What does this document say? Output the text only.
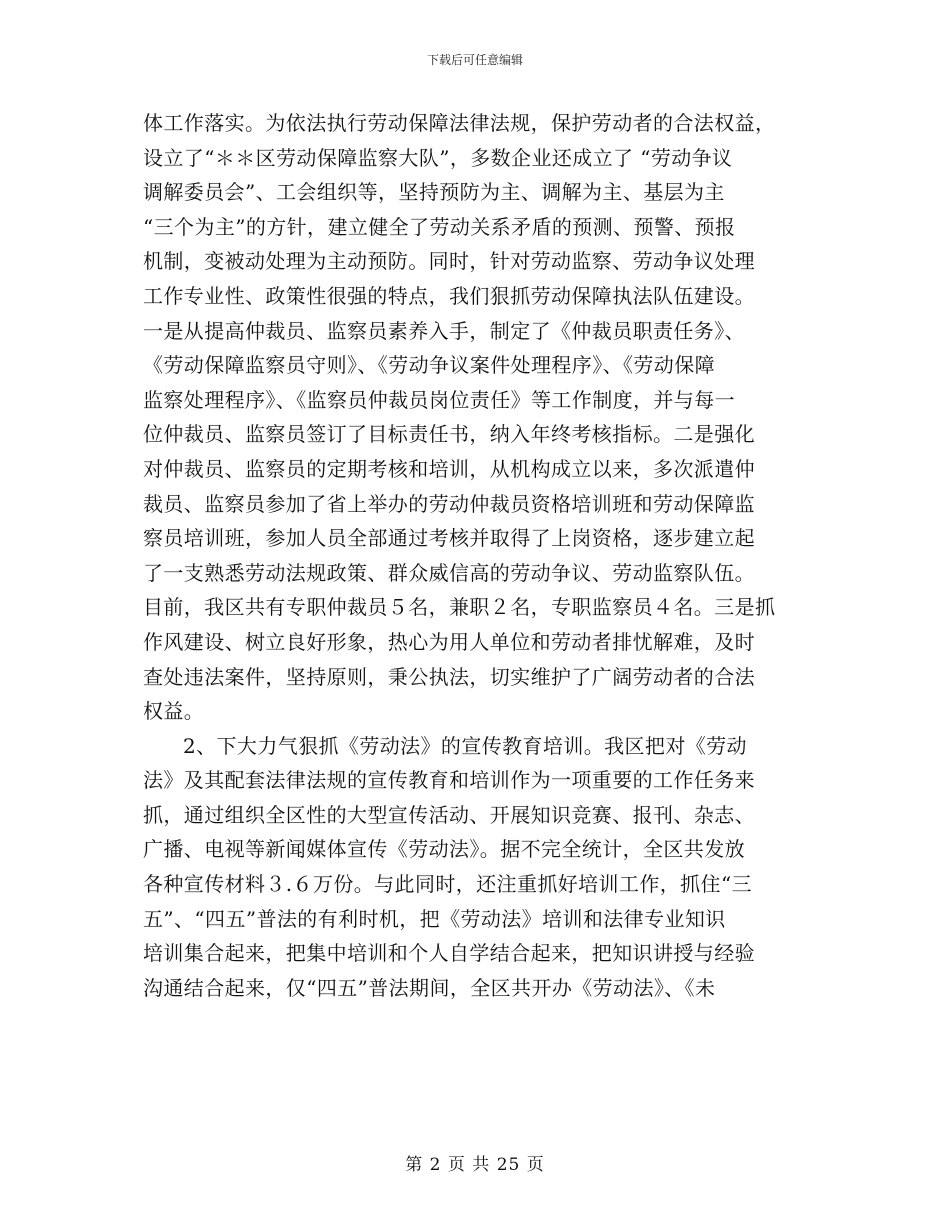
下载后可任意编辑
体工作落实。为依法执行劳动保障法律法规，保护劳动者的合法权益，
设立了“＊＊区劳动保障监察大队”，多数企业还成立了 “劳动争议
调解委员会”、工会组织等，坚持预防为主、调解为主、基层为主
“三个为主”的方针，建立健全了劳动关系矛盾的预测、预警、预报
机制，变被动处理为主动预防。同时，针对劳动监察、劳动争议处理
工作专业性、政策性很强的特点，我们狠抓劳动保障执法队伍建设。
一是从提高仲裁员、监察员素养入手，制定了《仲裁员职责任务》、
《劳动保障监察员守则》、《劳动争议案件处理程序》、《劳动保障
监察处理程序》、《监察员仲裁员岗位责任》等工作制度，并与每一
位仲裁员、监察员签订了目标责任书，纳入年终考核指标。二是强化
对仲裁员、监察员的定期考核和培训，从机构成立以来，多次派遣仲
裁员、监察员参加了省上举办的劳动仲裁员资格培训班和劳动保障监
察员培训班，参加人员全部通过考核并取得了上岗资格，逐步建立起
了一支熟悉劳动法规政策、群众威信高的劳动争议、劳动监察队伍。
目前，我区共有专职仲裁员５名，兼职２名，专职监察员４名。三是抓
作风建设、树立良好形象，热心为用人单位和劳动者排忧解难，及时
查处违法案件，坚持原则，秉公执法，切实维护了广阔劳动者的合法
权益。
2、下大力气狠抓《劳动法》的宣传教育培训。我区把对《劳动
法》及其配套法律法规的宣传教育和培训作为一项重要的工作任务来
抓，通过组织全区性的大型宣传活动、开展知识竞赛、报刊、杂志、
广播、电视等新闻媒体宣传《劳动法》。据不完全统计，全区共发放
各种宣传材料３.６万份。与此同时，还注重抓好培训工作，抓住“三
五”、“四五”普法的有利时机，把《劳动法》培训和法律专业知识
培训集合起来，把集中培训和个人自学结合起来，把知识讲授与经验
沟通结合起来，仅“四五”普法期间，全区共开办《劳动法》、《未
第 2 页 共 25 页
